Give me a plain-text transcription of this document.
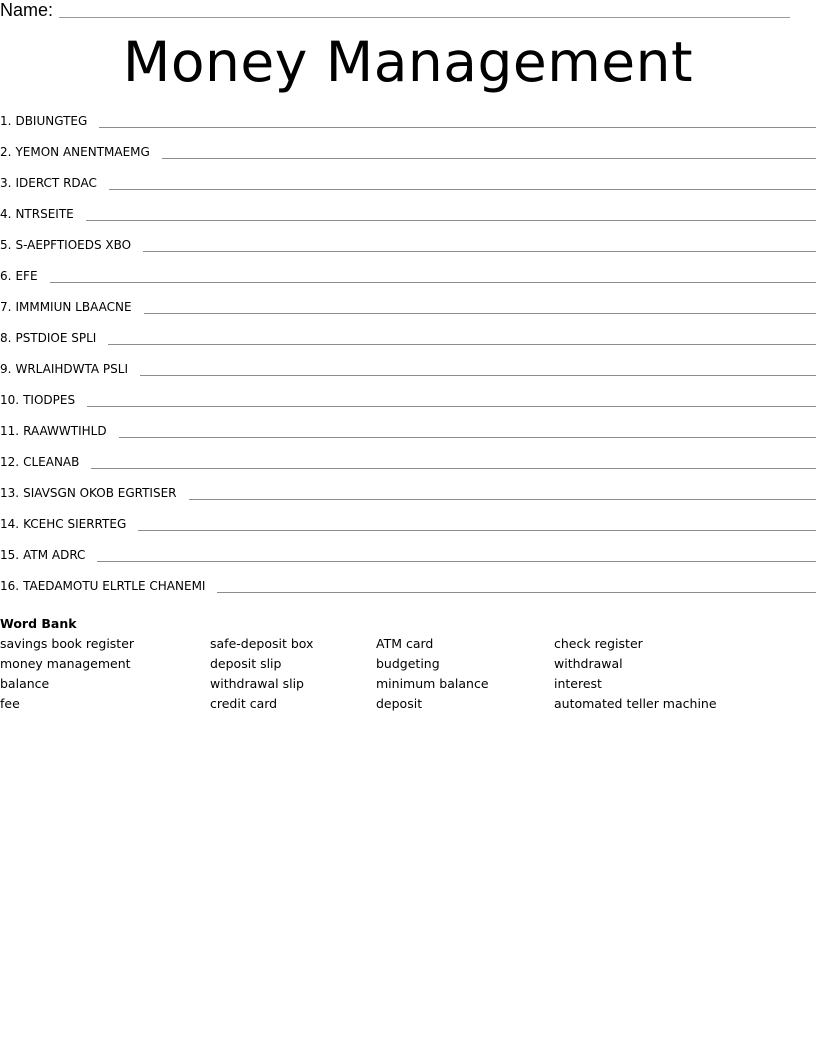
Name:
Money Management
1. DBIUNGTEG
2. YEMON ANENTMAEMG
3. IDERCT RDAC
4. NTRSEITE
5. S-AEPFTIOEDS XBO
6. EFE
7. IMMMIUN LBAACNE
8. PSTDIOE SPLI
9. WRLAIHDWTA PSLI
10. TIODPES
11. RAAWWTIHLD
12. CLEANAB
13. SIAVSGN OKOB EGRTISER
14. KCEHC SIERRTEG
15. ATM ADRC
16. TAEDAMOTU ELRTLE CHANEMI
Word Bank
savings book register	safe-deposit box	ATM card	check register
money management	deposit slip	budgeting	withdrawal
balance	withdrawal slip	minimum balance	interest
fee	credit card	deposit	automated teller machine
